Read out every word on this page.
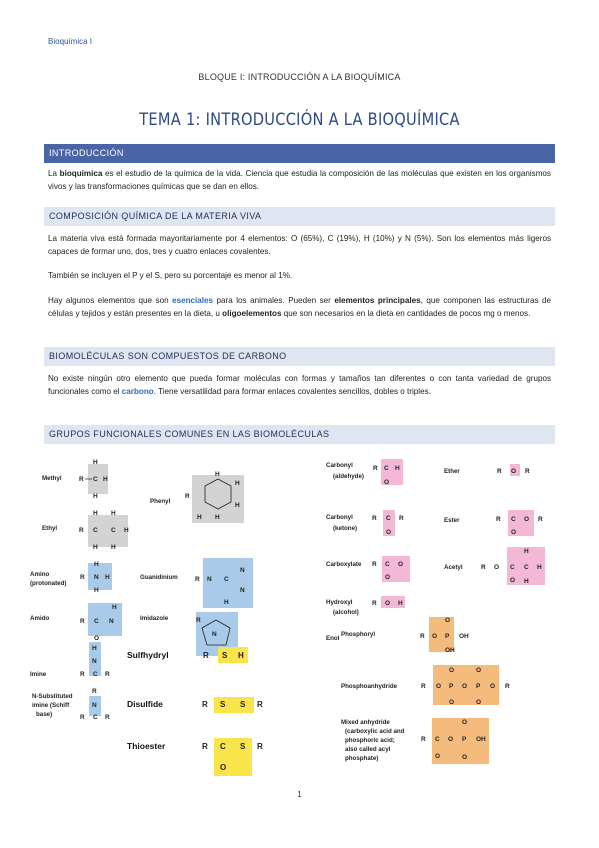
Bioquímica I
BLOQUE I: INTRODUCCIÓN A LA BIOQUÍMICA
TEMA 1: INTRODUCCIÓN A LA BIOQUÍMICA
INTRODUCCIÓN
La bioquímica es el estudio de la química de la vida. Ciencia que estudia la composición de las moléculas que existen en los organismos vivos y las transformaciones químicas que se dan en ellos.
COMPOSICIÓN QUÍMICA DE LA MATERIA VIVA
La materia viva está formada mayoritariamente por 4 elementos: O (65%), C (19%), H (10%) y N (5%). Son los elementos más ligeros capaces de formar uno, dos, tres y cuatro enlaces covalentes.
También se incluyen el P y el S, pero su porcentaje es menor al 1%.
Hay algunos elementos que son esenciales para los animales. Pueden ser elementos principales, que componen las estructuras de células y tejidos y están presentes en la dieta, u oligoelementos que son necesarios en la dieta en cantidades de pocos mg o menos.
BIOMOLÉCULAS SON COMPUESTOS DE CARBONO
No existe ningún otro elemento que pueda formar moléculas con formas y tamaños tan diferentes o con tanta variedad de grupos funcionales como el carbono. Tiene versatilidad para formar enlaces covalentes sencillos, dobles o triples.
GRUPOS FUNCIONALES COMUNES EN LAS BIOMOLÉCULAS
Methyl	R
H
C H
H
Ethyl	R
H H
C C H
H H
Phenyl
R
H
H
H
H
H
Amino
(protonated)
R
H
N H
H
Guanidinium	R N C
N
N
H
Amido	R C N
O
H
Imidazole	R
N
Sulfhydryl	R S H
Imine
H
N
R C R
N-Substituted
imine (Schiff
base)
R
N
R C R
Disulfide	R S S R
Thioester	R C S R
O
Carbonyl
(aldehyde)
R C H
O
Ether	R O R
Carbonyl
(ketone)
R C R
O
Ester	R C O R
O
Carboxylate R C O
O
Acetyl	R O C C H
O
H
H
Hydroxyl
(alcohol)
R O H
Enol
Phosphoryl	R O P OH
O
OH
Phosphoanhydride	R O P O P O R
O	O
O	O
Mixed anhydride
(carboxylic acid and
phosphoric acid;
also called acyl
phosphate)
R C O P OH
O
O
O
1
